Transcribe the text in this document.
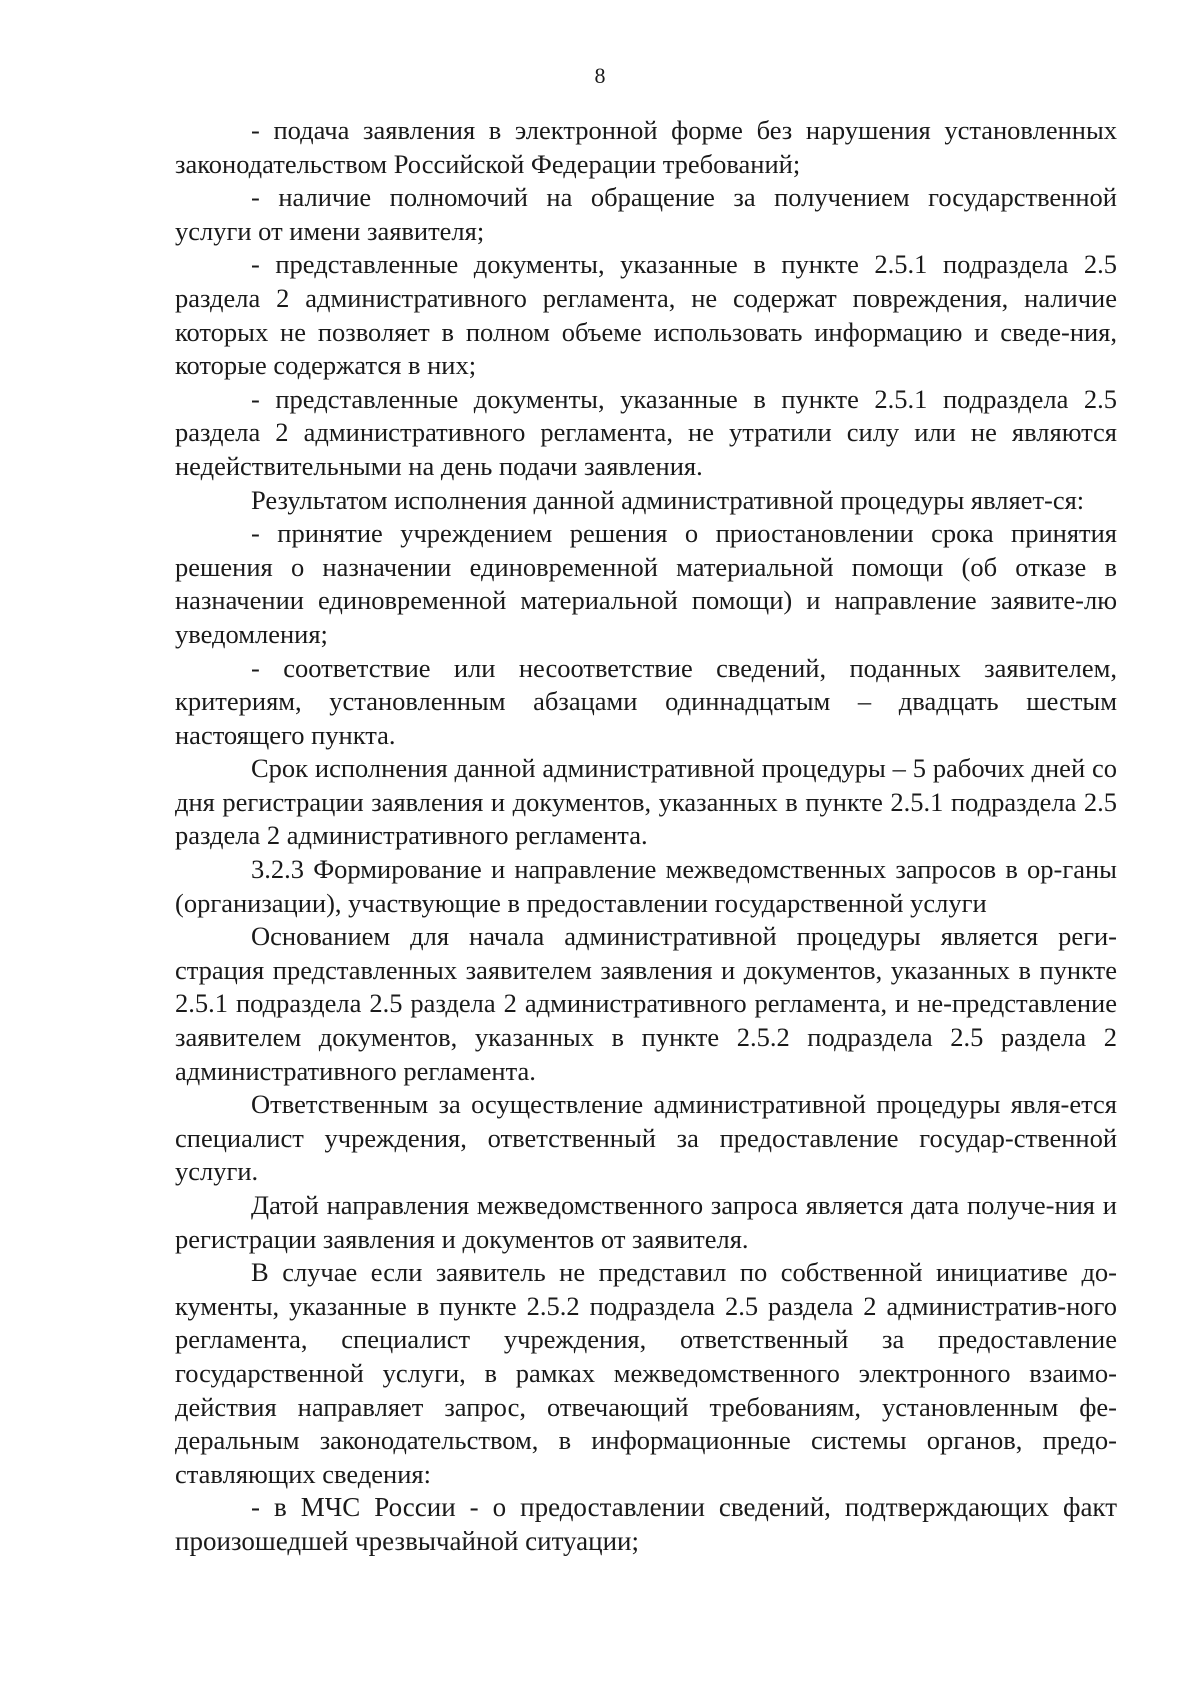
8

- подача заявления в электронной форме без нарушения установленных законодательством Российской Федерации требований;

- наличие полномочий на обращение за получением государственной услуги от имени заявителя;

- представленные документы, указанные в пункте 2.5.1 подраздела 2.5 раздела 2 административного регламента, не содержат повреждения, наличие которых не позволяет в полном объеме использовать информацию и сведе-ния, которые содержатся в них;

- представленные документы, указанные в пункте 2.5.1 подраздела 2.5 раздела 2 административного регламента, не утратили силу или не являются недействительными на день подачи заявления.

Результатом исполнения данной административной процедуры являет-ся:

- принятие учреждением решения о приостановлении срока принятия решения о назначении единовременной материальной помощи (об отказе в назначении единовременной материальной помощи) и направление заявите-лю уведомления;

- соответствие или несоответствие сведений, поданных заявителем, критериям, установленным абзацами одиннадцатым – двадцать шестым настоящего пункта.

Срок исполнения данной административной процедуры – 5 рабочих дней со дня регистрации заявления и документов, указанных в пункте 2.5.1 подраздела 2.5 раздела 2 административного регламента.

3.2.3 Формирование и направление межведомственных запросов в ор-ганы (организации), участвующие в предоставлении государственной услуги

Основанием для начала административной процедуры является реги-страция представленных заявителем заявления и документов, указанных в пункте 2.5.1 подраздела 2.5 раздела 2 административного регламента, и не-представление заявителем документов, указанных в пункте 2.5.2 подраздела 2.5 раздела 2 административного регламента.

Ответственным за осуществление административной процедуры явля-ется специалист учреждения, ответственный за предоставление государ-ственной услуги.

Датой направления межведомственного запроса является дата получе-ния и регистрации заявления и документов от заявителя.

В случае если заявитель не представил по собственной инициативе до-кументы, указанные в пункте 2.5.2 подраздела 2.5 раздела 2 административ-ного регламента, специалист учреждения, ответственный за предоставление государственной услуги, в рамках межведомственного электронного взаимо-действия направляет запрос, отвечающий требованиям, установленным фе-деральным законодательством, в информационные системы органов, предо-ставляющих сведения:

- в МЧС России - о предоставлении сведений, подтверждающих факт произошедшей чрезвычайной ситуации;
